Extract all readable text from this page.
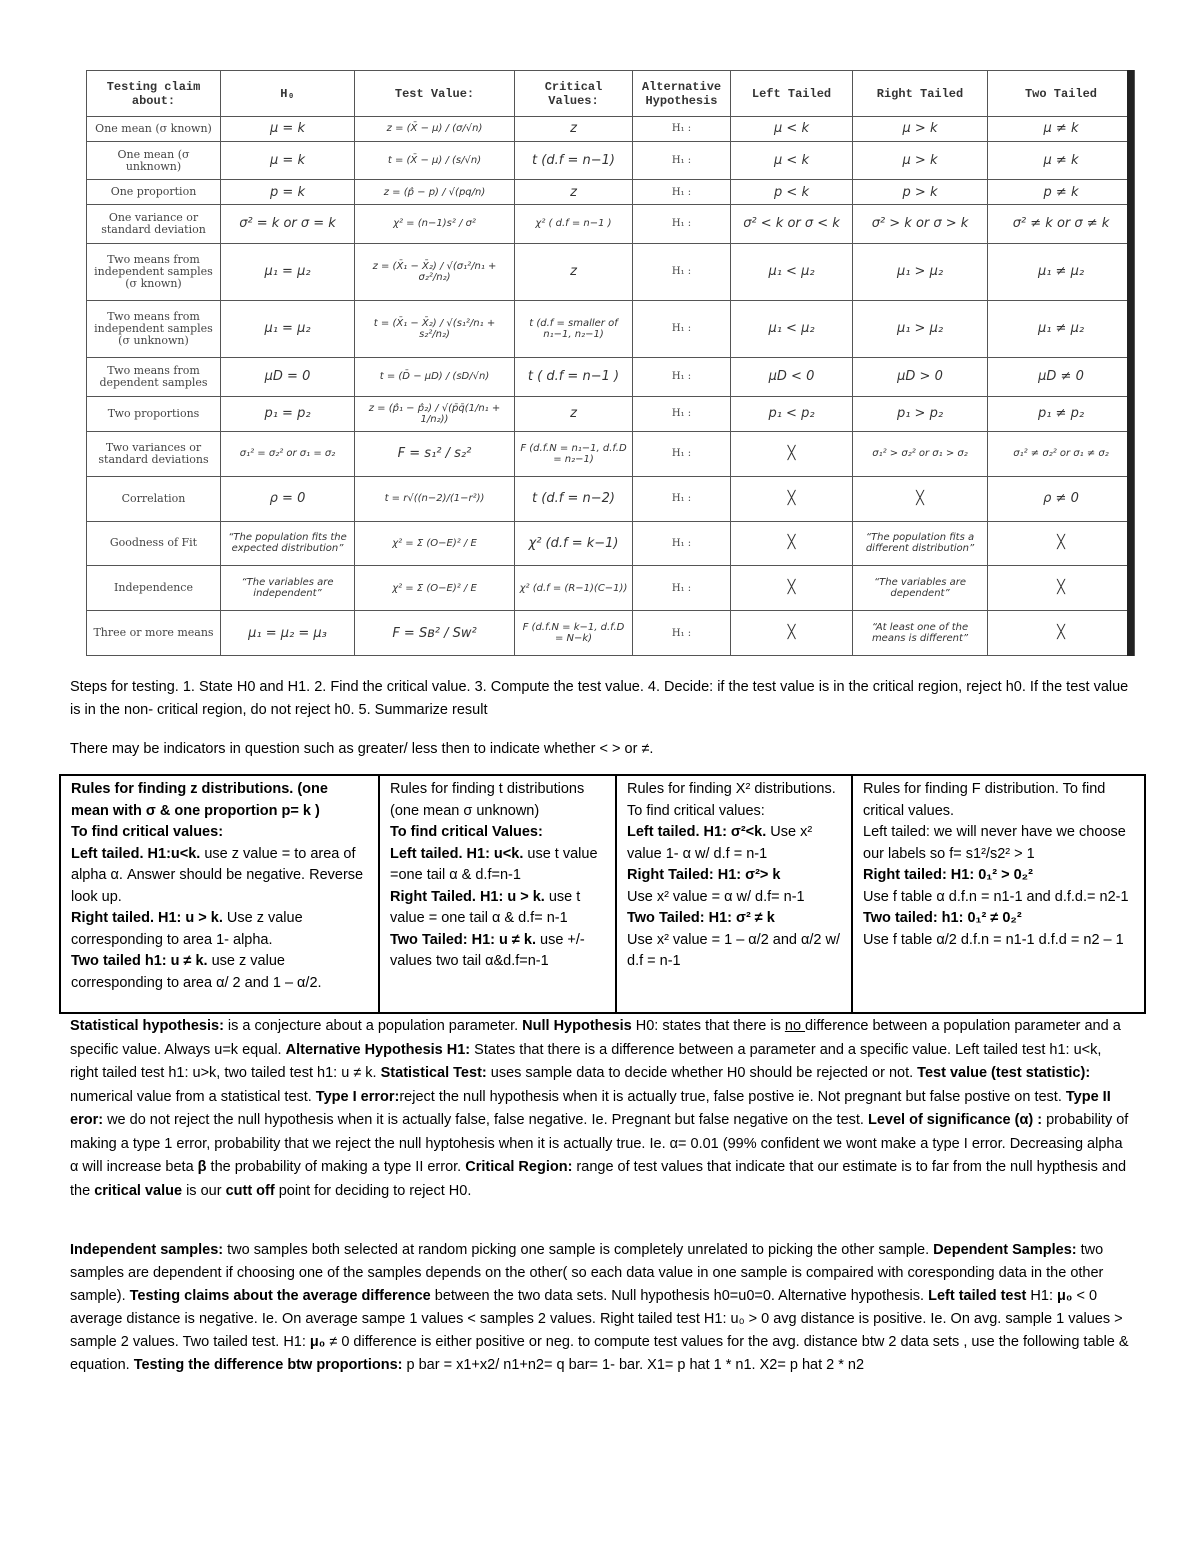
Testing claim about:	H₀	Test Value:	Critical Values:	Alternative Hypothesis	Left Tailed	Right Tailed	Two Tailed
One mean (σ known)	μ = k	z = (X̄ − μ) / (σ/√n)	z	H₁ :	μ < k	μ > k	μ ≠ k
One mean (σ unknown)	μ = k	t = (X̄ − μ) / (s/√n)	t (d.f = n−1)	H₁ :	μ < k	μ > k	μ ≠ k
One proportion	p = k	z = (p̂ − p) / √(pq/n)	z	H₁ :	p < k	p > k	p ≠ k
One variance or standard deviation	σ² = k or σ = k	χ² = (n−1)s² / σ²	χ² ( d.f = n−1 )	H₁ :	σ² < k or σ < k	σ² > k or σ > k	σ² ≠ k or σ ≠ k
Two means from independent samples (σ known)	μ₁ = μ₂	z = (X̄₁ − X̄₂) / √(σ₁²/n₁ + σ₂²/n₂)	z	H₁ :	μ₁ < μ₂	μ₁ > μ₂	μ₁ ≠ μ₂
Two means from independent samples (σ unknown)	μ₁ = μ₂	t = (X̄₁ − X̄₂) / √(s₁²/n₁ + s₂²/n₂)	t (d.f = smaller of n₁−1, n₂−1)	H₁ :	μ₁ < μ₂	μ₁ > μ₂	μ₁ ≠ μ₂
Two means from dependent samples	μD = 0	t = (D̄ − μD) / (sD/√n)	t ( d.f = n−1 )	H₁ :	μD < 0	μD > 0	μD ≠ 0
Two proportions	p₁ = p₂	z = (p̂₁ − p̂₂) / √(p̄q̄(1/n₁ + 1/n₂))	z	H₁ :	p₁ < p₂	p₁ > p₂	p₁ ≠ p₂
Two variances or standard deviations	σ₁² = σ₂² or σ₁ = σ₂	F = s₁² / s₂²	F (d.f.N = n₁−1, d.f.D = n₂−1)	H₁ :	╳	σ₁² > σ₂² or σ₁ > σ₂	σ₁² ≠ σ₂² or σ₁ ≠ σ₂
Correlation	ρ = 0	t = r√((n−2)/(1−r²))	t (d.f = n−2)	H₁ :	╳	╳	ρ ≠ 0
Goodness of Fit	“The population fits the expected distribution”	χ² = Σ (O−E)² / E	χ² (d.f = k−1)	H₁ :	╳	“The population fits a different distribution”	╳
Independence	“The variables are independent”	χ² = Σ (O−E)² / E	χ² (d.f = (R−1)(C−1))	H₁ :	╳	“The variables are dependent”	╳
Three or more means	μ₁ = μ₂ = μ₃	F = Sʙ² / Sᴡ²	F (d.f.N = k−1, d.f.D = N−k)	H₁ :	╳	“At least one of the means is different”	╳
Steps for testing. 1. State H0 and H1. 2. Find the critical value. 3. Compute the test value. 4. Decide: if the test value is in the critical region, reject h0. If the test value is in the non- critical region, do not reject h0. 5. Summarize result
There may be indicators in question such as greater/ less then to indicate whether < > or ≠.

Rules for finding z distributions. (one mean with σ & one proportion p= k )

To find critical values:

Left tailed. H1:u<k. use z value = to area of alpha α. Answer should be negative. Reverse look up.

Right tailed. H1: u > k. Use z value corresponding to area 1- alpha.

Two tailed h1: u ≠ k. use z value corresponding to area α/ 2 and 1 – α/2.

Rules for finding t distributions (one mean σ unknown)

To find critical Values:

Left tailed. H1: u<k. use t value =one tail α & d.f=n-1

Right Tailed. H1: u > k. use t value = one tail α & d.f= n-1

Two Tailed: H1: u ≠ k. use +/- values two tail α&d.f=n-1

Rules for finding X² distributions. To find critical values:

Left tailed. H1: σ²<k. Use x² value 1- α w/ d.f = n-1

Right Tailed: H1: σ²> k

Use x² value = α w/ d.f= n-1

Two Tailed: H1: σ² ≠ k

Use x² value = 1 – α/2 and α/2 w/ d.f = n-1

Rules for finding F distribution. To find critical values.

Left tailed: we will never have we choose our labels so f= s1²/s2² > 1

Right tailed: H1: 0₁² > 0₂²

Use f table α d.f.n = n1-1 and d.f.d.= n2-1

Two tailed: h1: 0₁² ≠ 0₂²

Use f table α/2 d.f.n = n1-1 d.f.d = n2 – 1

Statistical hypothesis: is a conjecture about a population parameter. Null Hypothesis H0: states that there is no difference between a population parameter and a specific value. Always u=k equal. Alternative Hypothesis H1: States that there is a difference between a parameter and a specific value. Left tailed test h1: u<k, right tailed test h1: u>k, two tailed test h1: u ≠ k. Statistical Test: uses sample data to decide whether H0 should be rejected or not. Test value (test statistic): numerical value from a statistical test. Type I error:reject the null hypothesis when it is actually true, false postive ie. Not pregnant but false postive on test. Type II eror: we do not reject the null hypothesis when it is actually false, false negative. Ie. Pregnant but false negative on the test. Level of significance (α) : probability of making a type 1 error, probability that we reject the null hyptohesis when it is actually true. Ie. α= 0.01 (99% confident we wont make a type I error. Decreasing alpha α will increase beta β the probability of making a type II error. Critical Region: range of test values that indicate that our estimate is to far from the null hypthesis and the critical value is our cutt off point for deciding to reject H0.
Independent samples: two samples both selected at random picking one sample is completely unrelated to picking the other sample. Dependent Samples: two samples are dependent if choosing one of the samples depends on the other( so each data value in one sample is compaired with coresponding data in the other sample). Testing claims about the average difference between the two data sets. Null hypothesis h0=u0=0. Alternative hypothesis. Left tailed test H1: μ₀ < 0 average distance is negative. Ie. On average sampe 1 values < samples 2 values. Right tailed test H1: u₀ > 0 avg distance is positive. Ie. On avg. sample 1 values > sample 2 values. Two tailed test. H1: μ₀ ≠ 0 difference is either positive or neg. to compute test values for the avg. distance btw 2 data sets , use the following table & equation. Testing the difference btw proportions: p bar = x1+x2/ n1+n2= q bar= 1- bar. X1= p hat 1 * n1. X2= p hat 2 * n2
